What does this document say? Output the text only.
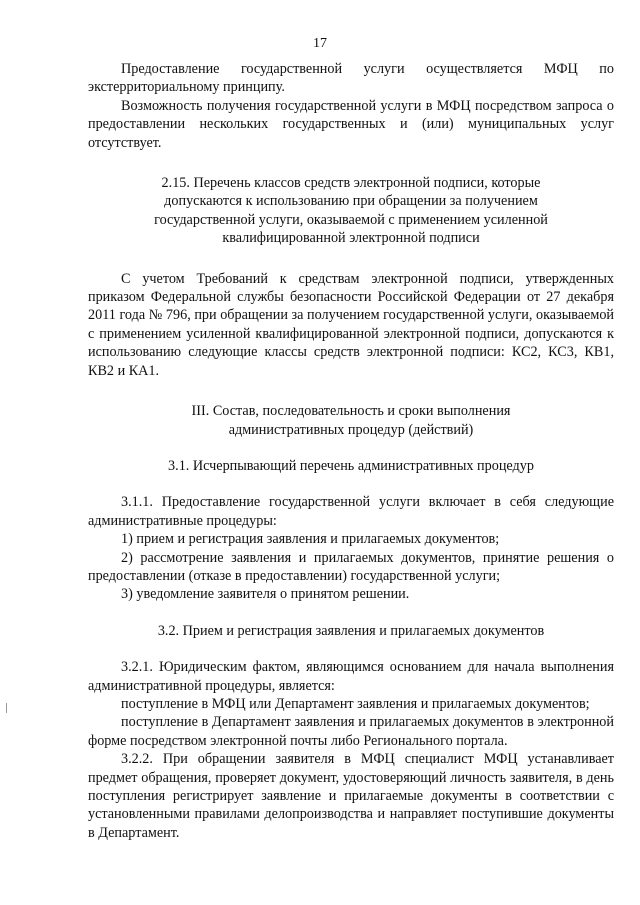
17

Предоставление государственной услуги осуществляется МФЦ по экстерриториальному принципу.

Возможность получения государственной услуги в МФЦ посредством запроса о предоставлении нескольких государственных и (или) муниципальных услуг отсутствует.

2.15. Перечень классов средств электронной подписи, которые допускаются к использованию при обращении за получением государственной услуги, оказываемой с применением усиленной квалифицированной электронной подписи

С учетом Требований к средствам электронной подписи, утвержденных приказом Федеральной службы безопасности Российской Федерации от 27 декабря 2011 года № 796, при обращении за получением государственной услуги, оказываемой с применением усиленной квалифицированной электронной подписи, допускаются к использованию следующие классы средств электронной подписи: КС2, КС3, КВ1, КВ2 и КА1.

III. Состав, последовательность и сроки выполнения административных процедур (действий)

3.1. Исчерпывающий перечень административных процедур

3.1.1. Предоставление государственной услуги включает в себя следующие административные процедуры:

1) прием и регистрация заявления и прилагаемых документов;

2) рассмотрение заявления и прилагаемых документов, принятие решения о предоставлении (отказе в предоставлении) государственной услуги;

3) уведомление заявителя о принятом решении.

3.2. Прием и регистрация заявления и прилагаемых документов

3.2.1. Юридическим фактом, являющимся основанием для начала выполнения административной процедуры, является:

поступление в МФЦ или Департамент заявления и прилагаемых документов;

поступление в Департамент заявления и прилагаемых документов в электронной форме посредством электронной почты либо Регионального портала.

3.2.2. При обращении заявителя в МФЦ специалист МФЦ устанавливает предмет обращения, проверяет документ, удостоверяющий личность заявителя, в день поступления регистрирует заявление и прилагаемые документы в соответствии с установленными правилами делопроизводства и направляет поступившие документы в Департамент.
